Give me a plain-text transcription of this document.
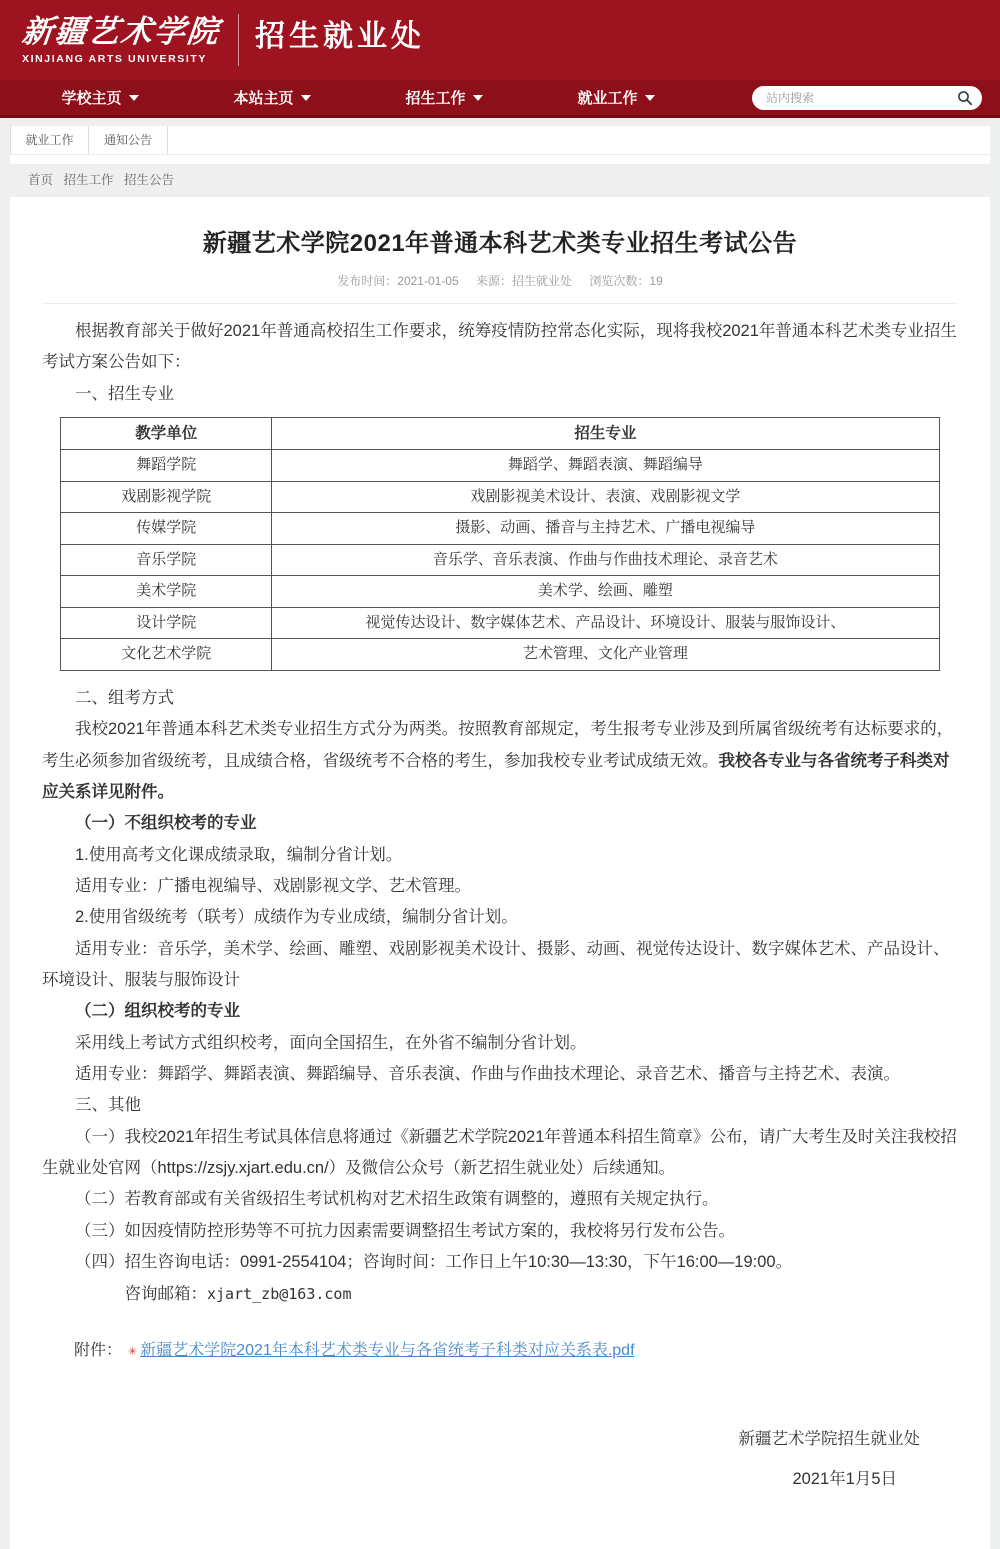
新疆艺术学院
XINJIANG ARTS UNIVERSITY
招生就业处
学校主页	本站主页	招生工作	就业工作
站内搜索
就业工作	通知公告
首页 招生工作 招生公告
新疆艺术学院2021年普通本科艺术类专业招生考试公告
发布时间：2021-01-05 来源：招生就业处 浏览次数：19

根据教育部关于做好2021年普通高校招生工作要求，统筹疫情防控常态化实际，现将我校2021年普通本科艺术类专业招生考试方案公告如下：

一、招生专业

教学单位	招生专业
舞蹈学院	舞蹈学、舞蹈表演、舞蹈编导
戏剧影视学院	戏剧影视美术设计、表演、戏剧影视文学
传媒学院	摄影、动画、播音与主持艺术、广播电视编导
音乐学院	音乐学、音乐表演、作曲与作曲技术理论、录音艺术
美术学院	美术学、绘画、雕塑
设计学院	视觉传达设计、数字媒体艺术、产品设计、环境设计、服装与服饰设计、
文化艺术学院	艺术管理、文化产业管理

二、组考方式

我校2021年普通本科艺术类专业招生方式分为两类。按照教育部规定，考生报考专业涉及到所属省级统考有达标要求的，考生必须参加省级统考，且成绩合格，省级统考不合格的考生，参加我校专业考试成绩无效。我校各专业与各省统考子科类对应关系详见附件。

（一）不组织校考的专业

1.使用高考文化课成绩录取，编制分省计划。

适用专业：广播电视编导、戏剧影视文学、艺术管理。

2.使用省级统考（联考）成绩作为专业成绩，编制分省计划。

适用专业：音乐学，美术学、绘画、雕塑、戏剧影视美术设计、摄影、动画、视觉传达设计、数字媒体艺术、产品设计、环境设计、服装与服饰设计

（二）组织校考的专业

采用线上考试方式组织校考，面向全国招生，在外省不编制分省计划。

适用专业：舞蹈学、舞蹈表演、舞蹈编导、音乐表演、作曲与作曲技术理论、录音艺术、播音与主持艺术、表演。

三、其他

（一）我校2021年招生考试具体信息将通过《新疆艺术学院2021年普通本科招生简章》公布，请广大考生及时关注我校招生就业处官网（https://zsjy.xjart.edu.cn/）及微信公众号（新艺招生就业处）后续通知。

（二）若教育部或有关省级招生考试机构对艺术招生政策有调整的，遵照有关规定执行。

（三）如因疫情防控形势等不可抗力因素需要调整招生考试方案的，我校将另行发布公告。

（四）招生咨询电话：0991-2554104；咨询时间：工作日上午10:30—13:30，下午16:00—19:00。

咨询邮箱：xjart_zb@163.com

附件： ✳ 新疆艺术学院2021年本科艺术类专业与各省统考子科类对应关系表.pdf
新疆艺术学院招生就业处
2021年1月5日
